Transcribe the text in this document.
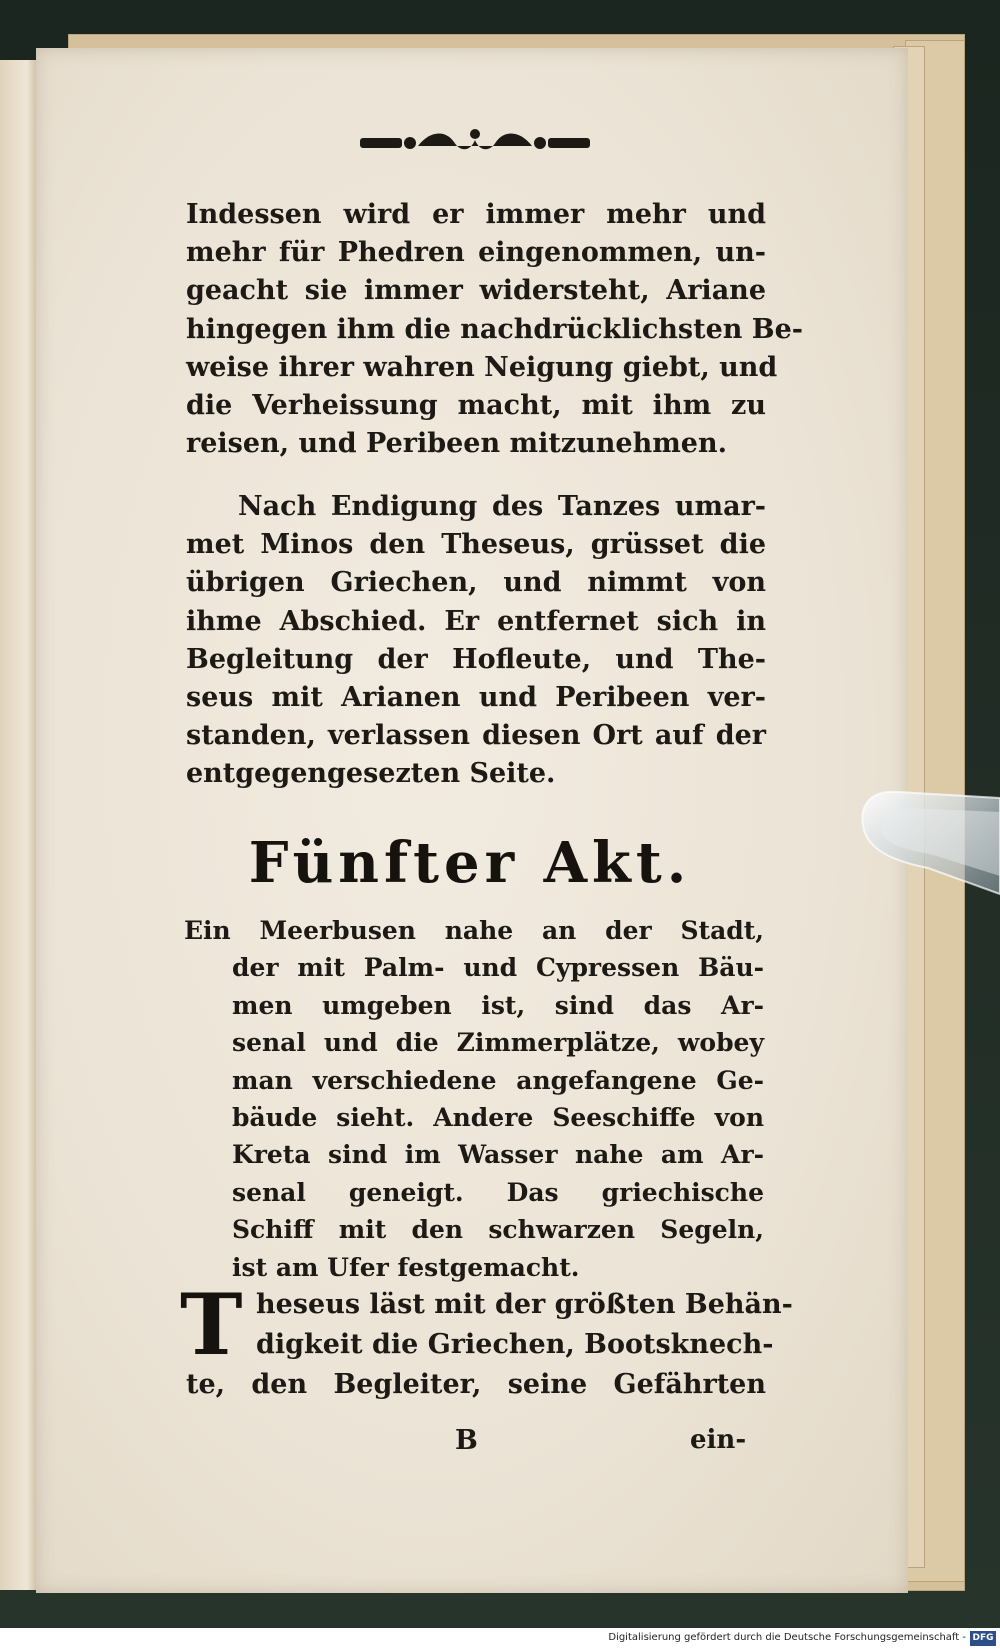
Indessen wird er immer mehr und
mehr für Phedren eingenommen, un-
geacht sie immer widersteht, Ariane
hingegen ihm die nachdrücklichsten Be-
weise ihrer wahren Neigung giebt, und
die Verheissung macht, mit ihm zu
reisen, und Peribeen mitzunehmen.
Nach Endigung des Tanzes umar-
met Minos den Theseus, grüsset die
übrigen Griechen, und nimmt von
ihme Abschied. Er entfernet sich in
Begleitung der Hofleute, und The-
seus mit Arianen und Peribeen ver-
standen, verlassen diesen Ort auf der
entgegengesezten Seite.
Fünfter Akt.
Ein Meerbusen nahe an der Stadt,
der mit Palm- und Cypressen Bäu-
men umgeben ist, sind das Ar-
senal und die Zimmerplätze, wobey
man verschiedene angefangene Ge-
bäude sieht. Andere Seeschiffe von
Kreta sind im Wasser nahe am Ar-
senal geneigt. Das griechische
Schiff mit den schwarzen Segeln,
ist am Ufer festgemacht.
T heseus läst mit der größten Behän-
digkeit die Griechen, Bootsknech-
te, den Begleiter, seine Gefährten
B	ein-
Digitalisierung gefördert durch die Deutsche Forschungsgemeinschaft - DFG
